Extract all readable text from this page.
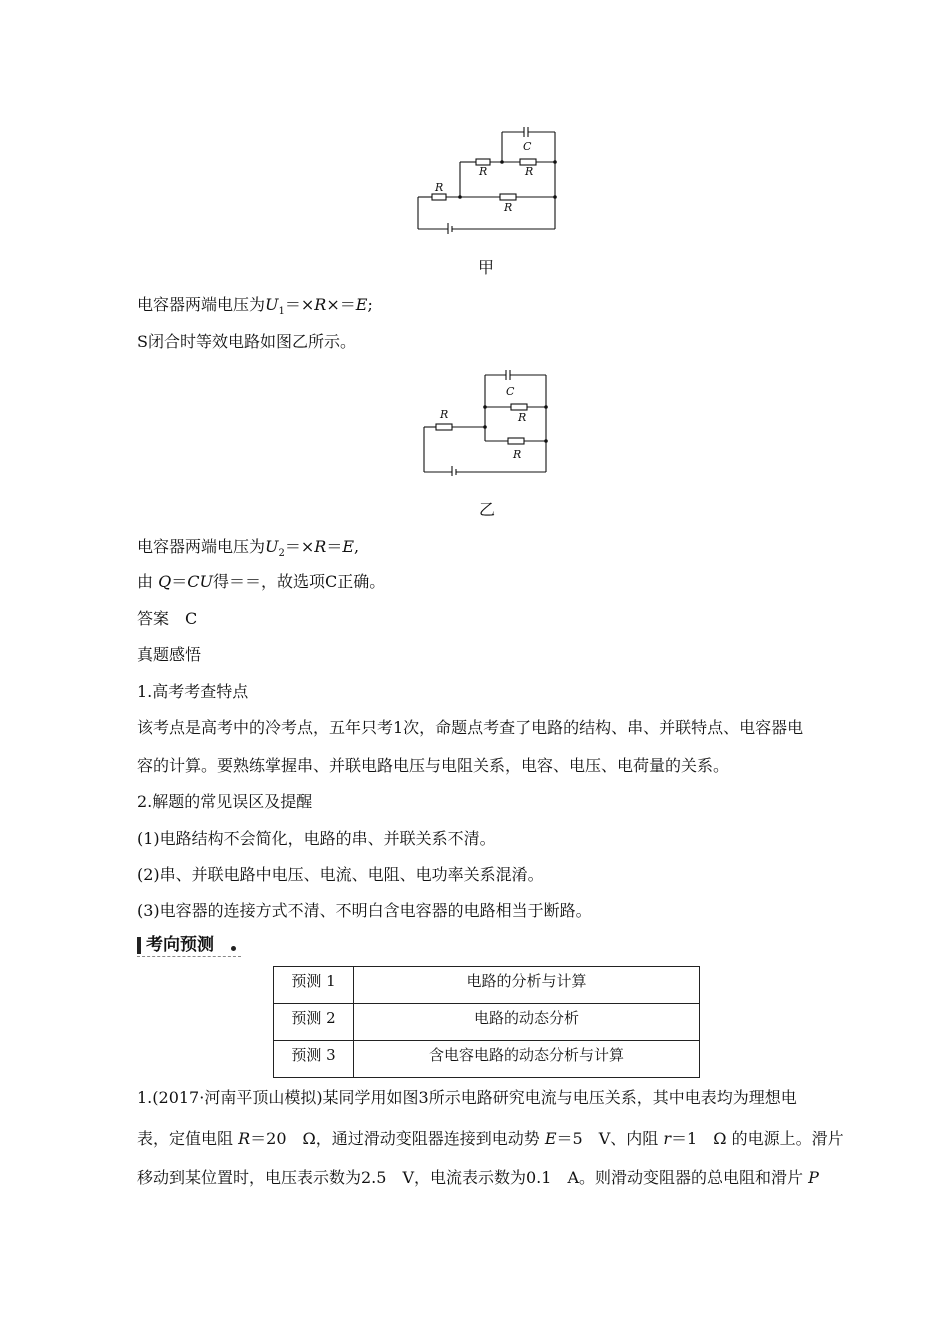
C
R	R
R
R
甲
电容器两端电压为$U_1=\times R\times=E$;
S闭合时等效电路如图乙所示。
C
R
R
R
乙
电容器两端电压为$U_2=\times R=E$,
由 Q＝CU得＝＝，故选项C正确。
答案　C
真题感悟
1.高考考查特点
该考点是高考中的冷考点，五年只考1次，命题点考查了电路的结构、串、并联特点、电容器电
容的计算。要熟练掌握串、并联电路电压与电阻关系，电容、电压、电荷量的关系。
2.解题的常见误区及提醒
(1)电路结构不会简化，电路的串、并联关系不清。
(2)串、并联电路中电压、电流、电阻、电功率关系混淆。
(3)电容器的连接方式不清、不明白含电容器的电路相当于断路。
考向预测
预测 1	电路的分析与计算
预测 2	电路的动态分析
预测 3	含电容电路的动态分析与计算
1.(2017·河南平顶山模拟)某同学用如图3所示电路研究电流与电压关系，其中电表均为理想电
表，定值电阻 R＝20　Ω，通过滑动变阻器连接到电动势 E＝5　V、内阻 r＝1　Ω 的电源上。滑片
移动到某位置时，电压表示数为2.5　V，电流表示数为0.1　A。则滑动变阻器的总电阻和滑片 P
